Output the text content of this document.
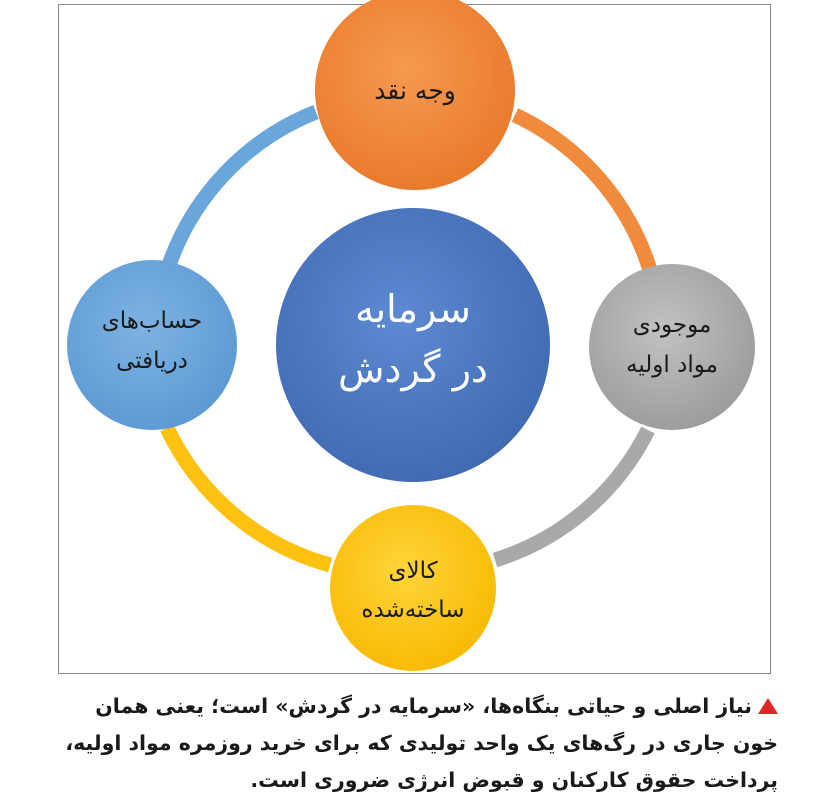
سرمایه
در گردش
وجه نقد
موجودی
مواد اولیه
کالای
ساخته‌شده
حساب‌های
دریافتی
نیاز اصلی و حیاتی بنگاه‌ها، «سرمایه در گردش» است؛ یعنی همان خون جاری در رگ‌های یک واحد تولیدی که برای خرید روزمره مواد اولیه، پرداخت حقوق کارکنان و قبوض انرژی ضروری است.
